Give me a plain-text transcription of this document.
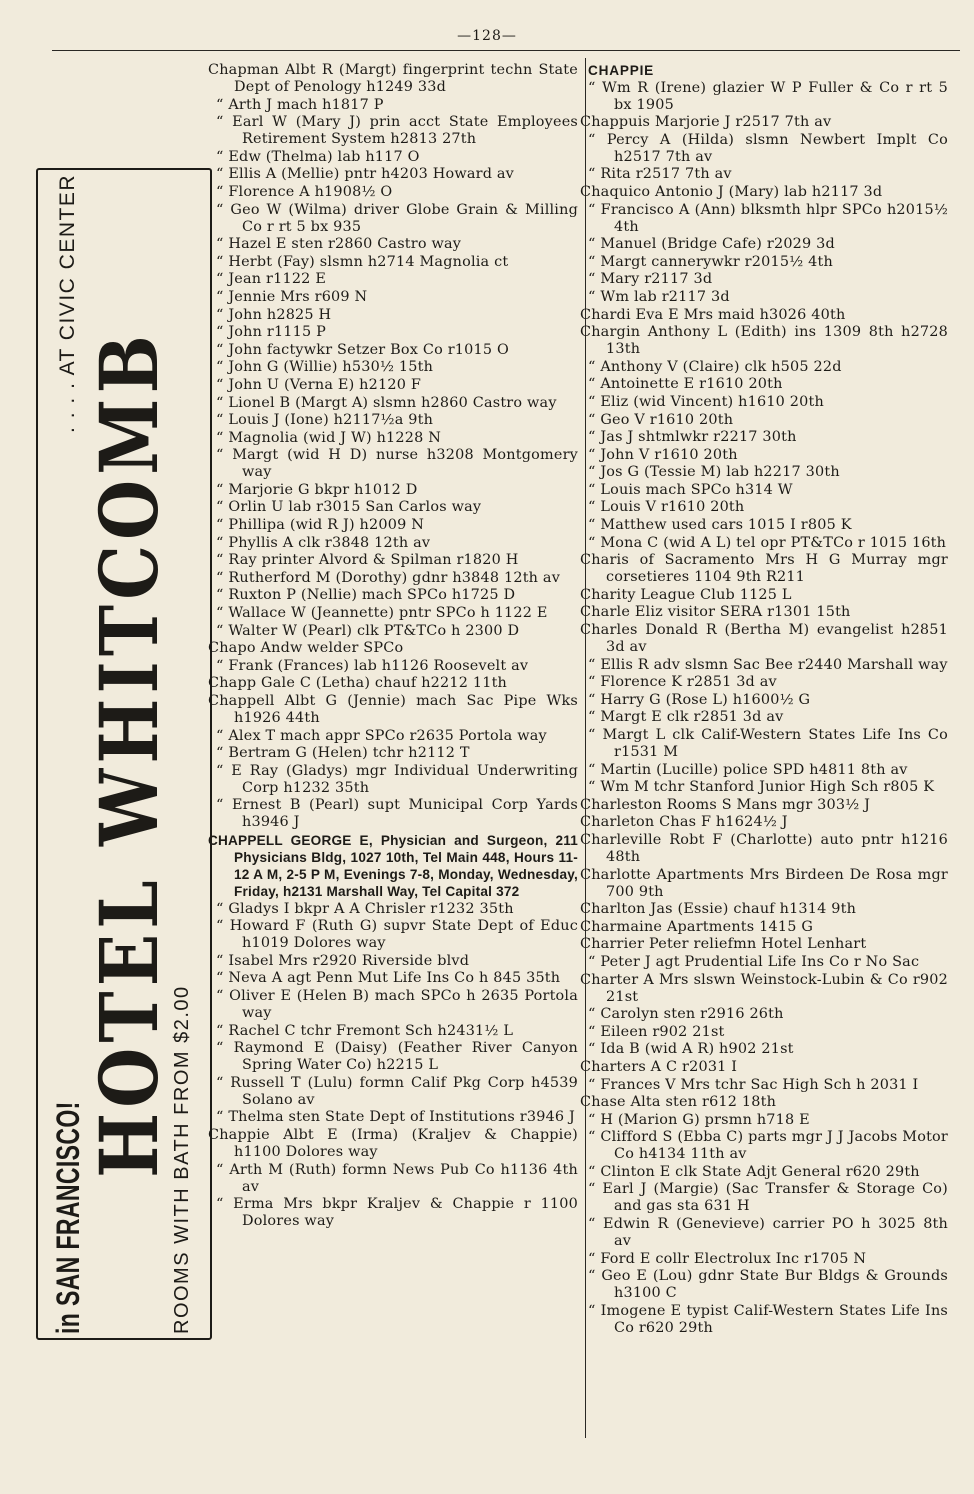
—128—
in SAN FRANCISCO!
. . . . AT CIVIC CENTER
HOTEL WHITCOMB
ROOMS WITH BATH FROM $2.00
Chapman Albt R (Margt) fingerprint techn State Dept of Penology h1249 33d
“ Arth J mach h1817 P
“ Earl W (Mary J) prin acct State Employees Retirement System h2813 27th
“ Edw (Thelma) lab h117 O
“ Ellis A (Mellie) pntr h4203 Howard av
“ Florence A h1908½ O
“ Geo W (Wilma) driver Globe Grain & Milling Co r rt 5 bx 935
“ Hazel E sten r2860 Castro way
“ Herbt (Fay) slsmn h2714 Magnolia ct
“ Jean r1122 E
“ Jennie Mrs r609 N
“ John h2825 H
“ John r1115 P
“ John factywkr Setzer Box Co r1015 O
“ John G (Willie) h530½ 15th
“ John U (Verna E) h2120 F
“ Lionel B (Margt A) slsmn h2860 Castro way
“ Louis J (Ione) h2117½a 9th
“ Magnolia (wid J W) h1228 N
“ Margt (wid H D) nurse h3208 Montgomery way
“ Marjorie G bkpr h1012 D
“ Orlin U lab r3015 San Carlos way
“ Phillipa (wid R J) h2009 N
“ Phyllis A clk r3848 12th av
“ Ray printer Alvord & Spilman r1820 H
“ Rutherford M (Dorothy) gdnr h3848 12th av
“ Ruxton P (Nellie) mach SPCo h1725 D
“ Wallace W (Jeannette) pntr SPCo h 1122 E
“ Walter W (Pearl) clk PT&TCo h 2300 D
Chapo Andw welder SPCo
“ Frank (Frances) lab h1126 Roosevelt av
Chapp Gale C (Letha) chauf h2212 11th
Chappell Albt G (Jennie) mach Sac Pipe Wks h1926 44th
“ Alex T mach appr SPCo r2635 Portola way
“ Bertram G (Helen) tchr h2112 T
“ E Ray (Gladys) mgr Individual Underwriting Corp h1232 35th
“ Ernest B (Pearl) supt Municipal Corp Yards h3946 J
CHAPPELL GEORGE E, Physician and Surgeon, 211 Physicians Bldg, 1027 10th, Tel Main 448, Hours 11-12 A M, 2-5 P M, Evenings 7-8, Monday, Wednesday, Friday, h2131 Marshall Way, Tel Capital 372
“ Gladys I bkpr A A Chrisler r1232 35th
“ Howard F (Ruth G) supvr State Dept of Educ h1019 Dolores way
“ Isabel Mrs r2920 Riverside blvd
“ Neva A agt Penn Mut Life Ins Co h 845 35th
“ Oliver E (Helen B) mach SPCo h 2635 Portola way
“ Rachel C tchr Fremont Sch h2431½ L
“ Raymond E (Daisy) (Feather River Canyon Spring Water Co) h2215 L
“ Russell T (Lulu) formn Calif Pkg Corp h4539 Solano av
“ Thelma sten State Dept of Institutions r3946 J
Chappie Albt E (Irma) (Kraljev & Chappie) h1100 Dolores way
“ Arth M (Ruth) formn News Pub Co h1136 4th av
“ Erma Mrs bkpr Kraljev & Chappie r 1100 Dolores way
CHAPPIE
“ Wm R (Irene) glazier W P Fuller & Co r rt 5 bx 1905
Chappuis Marjorie J r2517 7th av
“ Percy A (Hilda) slsmn Newbert Implt Co h2517 7th av
“ Rita r2517 7th av
Chaquico Antonio J (Mary) lab h2117 3d
“ Francisco A (Ann) blksmth hlpr SPCo h2015½ 4th
“ Manuel (Bridge Cafe) r2029 3d
“ Margt cannerywkr r2015½ 4th
“ Mary r2117 3d
“ Wm lab r2117 3d
Chardi Eva E Mrs maid h3026 40th
Chargin Anthony L (Edith) ins 1309 8th h2728 13th
“ Anthony V (Claire) clk h505 22d
“ Antoinette E r1610 20th
“ Eliz (wid Vincent) h1610 20th
“ Geo V r1610 20th
“ Jas J shtmlwkr r2217 30th
“ John V r1610 20th
“ Jos G (Tessie M) lab h2217 30th
“ Louis mach SPCo h314 W
“ Louis V r1610 20th
“ Matthew used cars 1015 I r805 K
“ Mona C (wid A L) tel opr PT&TCo r 1015 16th
Charis of Sacramento Mrs H G Murray mgr corsetieres 1104 9th R211
Charity League Club 1125 L
Charle Eliz visitor SERA r1301 15th
Charles Donald R (Bertha M) evangelist h2851 3d av
“ Ellis R adv slsmn Sac Bee r2440 Marshall way
“ Florence K r2851 3d av
“ Harry G (Rose L) h1600½ G
“ Margt E clk r2851 3d av
“ Margt L clk Calif-Western States Life Ins Co r1531 M
“ Martin (Lucille) police SPD h4811 8th av
“ Wm M tchr Stanford Junior High Sch r805 K
Charleston Rooms S Mans mgr 303½ J
Charleton Chas F h1624½ J
Charleville Robt F (Charlotte) auto pntr h1216 48th
Charlotte Apartments Mrs Birdeen De Rosa mgr 700 9th
Charlton Jas (Essie) chauf h1314 9th
Charmaine Apartments 1415 G
Charrier Peter reliefmn Hotel Lenhart
“ Peter J agt Prudential Life Ins Co r No Sac
Charter A Mrs slswn Weinstock-Lubin & Co r902 21st
“ Carolyn sten r2916 26th
“ Eileen r902 21st
“ Ida B (wid A R) h902 21st
Charters A C r2031 I
“ Frances V Mrs tchr Sac High Sch h 2031 I
Chase Alta sten r612 18th
“ H (Marion G) prsmn h718 E
“ Clifford S (Ebba C) parts mgr J J Jacobs Motor Co h4134 11th av
“ Clinton E clk State Adjt General r620 29th
“ Earl J (Margie) (Sac Transfer & Storage Co) and gas sta 631 H
“ Edwin R (Genevieve) carrier PO h 3025 8th av
“ Ford E collr Electrolux Inc r1705 N
“ Geo E (Lou) gdnr State Bur Bldgs & Grounds h3100 C
“ Imogene E typist Calif-Western States Life Ins Co r620 29th
